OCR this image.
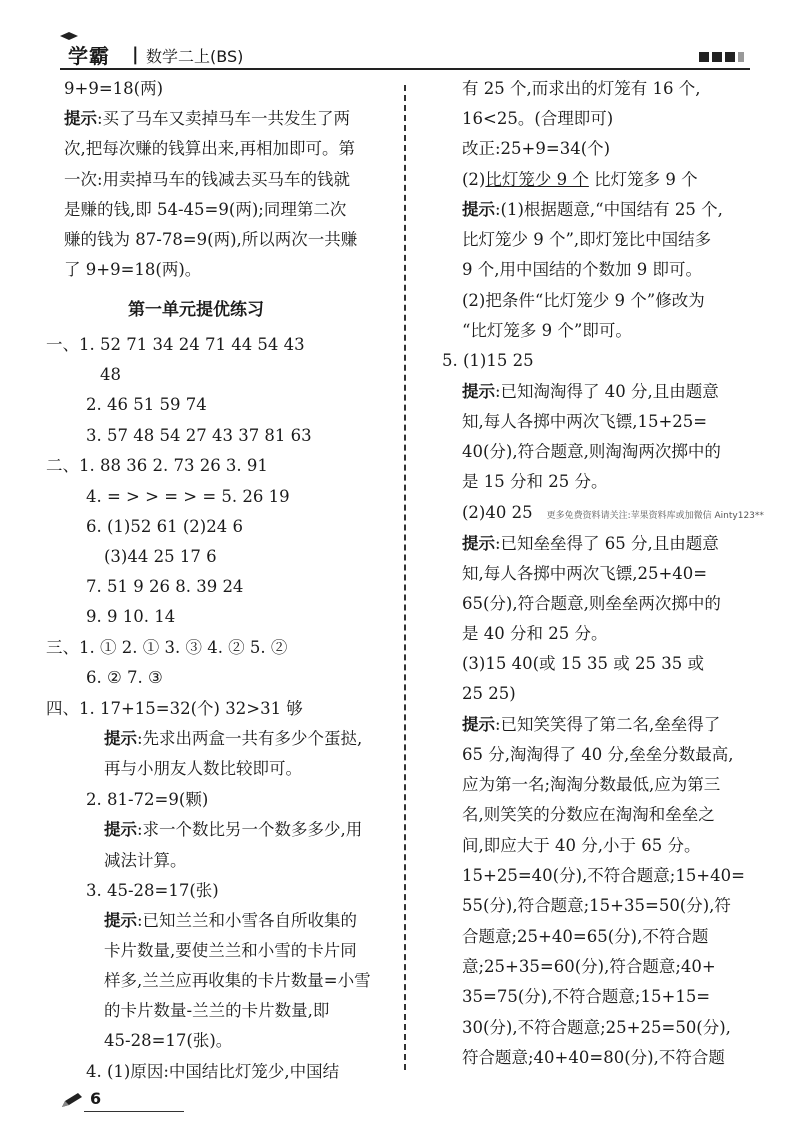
学霸 | 数学二上(BS)
9+9=18(两)
提示:买了马车又卖掉马车一共发生了两
次,把每次赚的钱算出来,再相加即可。第
一次:用卖掉马车的钱减去买马车的钱就
是赚的钱,即 54-45=9(两);同理第二次
赚的钱为 87-78=9(两),所以两次一共赚
了 9+9=18(两)。
第一单元提优练习
一、1. 52 71 34 24 71 44 54 43
48
2. 46 51 59 74
3. 57 48 54 27 43 37 81 63
二、1. 88 36 2. 73 26 3. 91
4. = > > = > = 5. 26 19
6. (1)52 61 (2)24 6
(3)44 25 17 6
7. 51 9 26 8. 39 24
9. 9 10. 14
三、1. ① 2. ① 3. ③ 4. ② 5. ②
6. ② 7. ③
四、1. 17+15=32(个) 32>31 够
提示:先求出两盒一共有多少个蛋挞,
再与小朋友人数比较即可。
2. 81-72=9(颗)
提示:求一个数比另一个数多多少,用
减法计算。
3. 45-28=17(张)
提示:已知兰兰和小雪各自所收集的
卡片数量,要使兰兰和小雪的卡片同
样多,兰兰应再收集的卡片数量=小雪
的卡片数量-兰兰的卡片数量,即
45-28=17(张)。
4. (1)原因:中国结比灯笼少,中国结
有 25 个,而求出的灯笼有 16 个,
16<25。(合理即可)
改正:25+9=34(个)
(2)比灯笼少 9 个 比灯笼多 9 个
提示:(1)根据题意,“中国结有 25 个,
比灯笼少 9 个”,即灯笼比中国结多
9 个,用中国结的个数加 9 即可。
(2)把条件“比灯笼少 9 个”修改为
“比灯笼多 9 个”即可。
5. (1)15 25
提示:已知淘淘得了 40 分,且由题意
知,每人各掷中两次飞镖,15+25=
40(分),符合题意,则淘淘两次掷中的
是 15 分和 25 分。
(2)40 25 更多免费资料请关注:苹果资料库或加微信 Ainty123**
提示:已知垒垒得了 65 分,且由题意
知,每人各掷中两次飞镖,25+40=
65(分),符合题意,则垒垒两次掷中的
是 40 分和 25 分。
(3)15 40(或 15 35 或 25 35 或
25 25)
提示:已知笑笑得了第二名,垒垒得了
65 分,淘淘得了 40 分,垒垒分数最高,
应为第一名;淘淘分数最低,应为第三
名,则笑笑的分数应在淘淘和垒垒之
间,即应大于 40 分,小于 65 分。
15+25=40(分),不符合题意;15+40=
55(分),符合题意;15+35=50(分),符
合题意;25+40=65(分),不符合题
意;25+35=60(分),符合题意;40+
35=75(分),不符合题意;15+15=
30(分),不符合题意;25+25=50(分),
符合题意;40+40=80(分),不符合题
6
